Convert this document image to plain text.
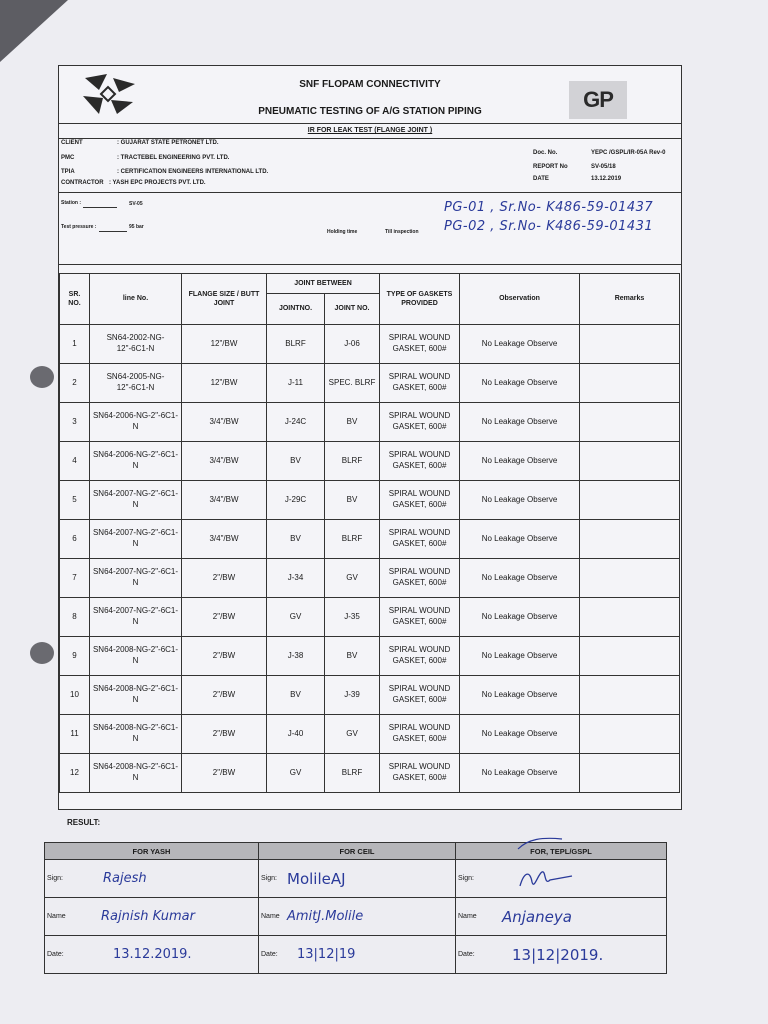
GP
SNF FLOPAM CONNECTIVITY
PNEUMATIC TESTING OF A/G STATION PIPING
IR FOR LEAK TEST (FLANGE JOINT )
CLIENT	: GUJARAT STATE PETRONET LTD.
PMC	: TRACTEBEL ENGINEERING PVT. LTD.
TPIA	: CERTIFICATION ENGINEERS INTERNATIONAL LTD.
CONTRACTOR : YASH EPC PROJECTS PVT. LTD.
Doc. No.	YEPC /GSPL/IR-05A Rev-0
REPORT No	SV-05/18
DATE	13.12.2019
Station :	SV-05
Test pressure :	95 bar
Holding time	Till inspection
PG-01 , Sr.No- K486-59-01437
PG-02 , Sr.No- K486-59-01431
SR. NO.	line No.	FLANGE SIZE / BUTT JOINT	JOINT BETWEEN		TYPE OF GASKETS PROVIDED	Observation	Remarks
			JOINTNO.	JOINT NO.			
1	SN64-2002-NG-12"-6C1-N	12"/BW	BLRF	J-06	SPIRAL WOUND GASKET, 600#	No Leakage Observe	
2	SN64-2005-NG-12"-6C1-N	12"/BW	J-11	SPEC. BLRF	SPIRAL WOUND GASKET, 600#	No Leakage Observe	
3	SN64-2006-NG-2"-6C1-N	3/4"/BW	J-24C	BV	SPIRAL WOUND GASKET, 600#	No Leakage Observe	
4	SN64-2006-NG-2"-6C1-N	3/4"/BW	BV	BLRF	SPIRAL WOUND GASKET, 600#	No Leakage Observe	
5	SN64-2007-NG-2"-6C1-N	3/4"/BW	J-29C	BV	SPIRAL WOUND GASKET, 600#	No Leakage Observe	
6	SN64-2007-NG-2"-6C1-N	3/4"/BW	BV	BLRF	SPIRAL WOUND GASKET, 600#	No Leakage Observe	
7	SN64-2007-NG-2"-6C1-N	2"/BW	J-34	GV	SPIRAL WOUND GASKET, 600#	No Leakage Observe	
8	SN64-2007-NG-2"-6C1-N	2"/BW	GV	J-35	SPIRAL WOUND GASKET, 600#	No Leakage Observe	
9	SN64-2008-NG-2"-6C1-N	2"/BW	J-38	BV	SPIRAL WOUND GASKET, 600#	No Leakage Observe	
10	SN64-2008-NG-2"-6C1-N	2"/BW	BV	J-39	SPIRAL WOUND GASKET, 600#	No Leakage Observe	
11	SN64-2008-NG-2"-6C1-N	2"/BW	J-40	GV	SPIRAL WOUND GASKET, 600#	No Leakage Observe	
12	SN64-2008-NG-2"-6C1-N	2"/BW	GV	BLRF	SPIRAL WOUND GASKET, 600#	No Leakage Observe	
RESULT:
FOR YASH	FOR CEIL	FOR, TEPL/GSPL

Sign: Rajesh	Sign: MolileAJ	Sign:

Name Rajnish Kumar	Name AmitJ.Molile	Name Anjaneya
Date: 13.12.2019.	Date: 13|12|19	Date: 13|12|2019.
